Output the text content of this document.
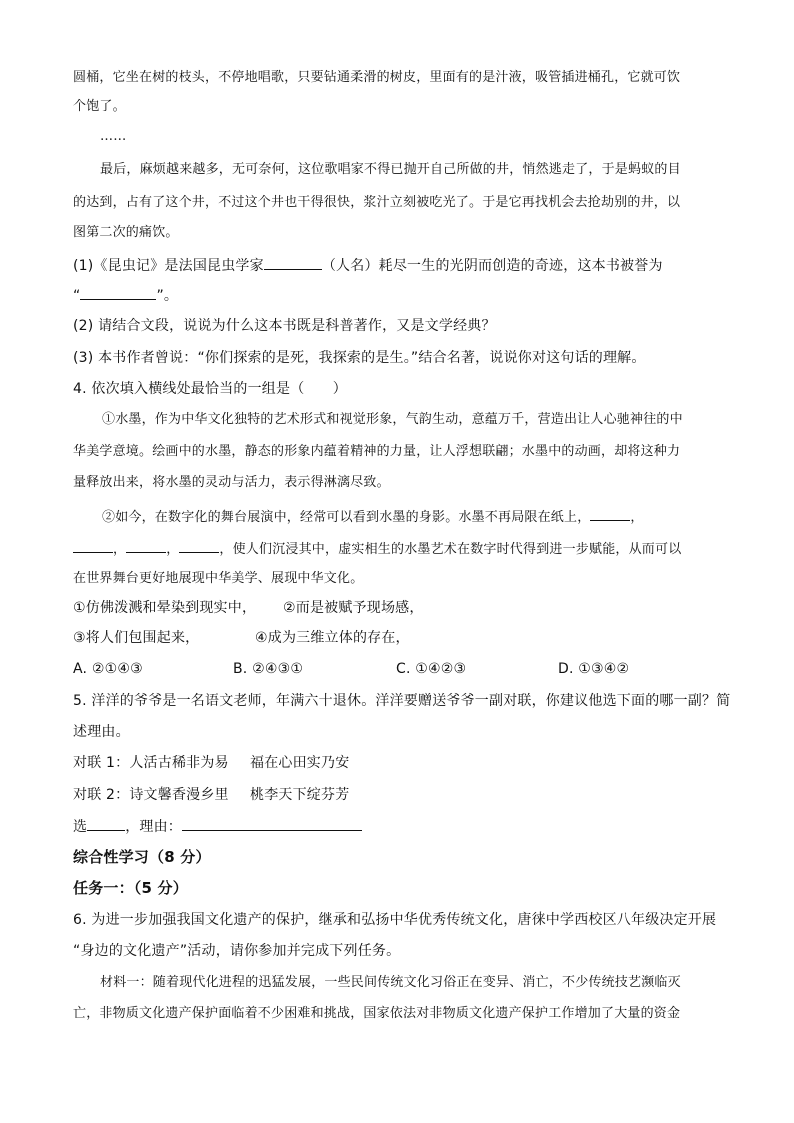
圆桶，它坐在树的枝头，不停地唱歌，只要钻通柔滑的树皮，里面有的是汁液，吸管插进桶孔，它就可饮
个饱了。
……
最后，麻烦越来越多，无可奈何，这位歌唱家不得已抛开自己所做的井，悄然逃走了，于是蚂蚁的目
的达到，占有了这个井，不过这个井也干得很快，浆汁立刻被吃光了。于是它再找机会去抢劫别的井，以
图第二次的痛饮。
(1)《昆虫记》是法国昆虫学家	（人名）耗尽一生的光阴而创造的奇迹，这本书被誉为
“	”。
(2) 请结合文段，说说为什么这本书既是科普著作，又是文学经典？
(3) 本书作者曾说：“你们探索的是死，我探索的是生。”结合名著，说说你对这句话的理解。
4. 依次填入横线处最恰当的一组是（　　）
①水墨，作为中华文化独特的艺术形式和视觉形象，气韵生动，意蕴万千，营造出让人心驰神往的中
华美学意境。绘画中的水墨，静态的形象内蕴着精神的力量，让人浮想联翩；水墨中的动画，却将这种力
量释放出来，将水墨的灵动与活力，表示得淋漓尽致。
②如今，在数字化的舞台展演中，经常可以看到水墨的身影。水墨不再局限在纸上，	，
，	，	，使人们沉浸其中，虚实相生的水墨艺术在数字时代得到进一步赋能，从而可以
在世界舞台更好地展现中华美学、展现中华文化。
①仿佛泼溅和晕染到现实中， ②而是被赋予现场感，
③将人们包围起来，	④成为三维立体的存在，
A. ②①④③	B. ②④③①	C. ①④②③	D. ①③④②
5. 洋洋的爷爷是一名语文老师，年满六十退休。洋洋要赠送爷爷一副对联，你建议他选下面的哪一副？简
述理由。
对联 1：人活古稀非为易 福在心田实乃安
对联 2：诗文馨香漫乡里 桃李天下绽芬芳
选	，理由：
综合性学习（8 分）
任务一：（5 分）
6. 为进一步加强我国文化遗产的保护，继承和弘扬中华优秀传统文化，唐徕中学西校区八年级决定开展
“身边的文化遗产”活动，请你参加并完成下列任务。
材料一：随着现代化进程的迅猛发展，一些民间传统文化习俗正在变异、消亡，不少传统技艺濒临灭
亡，非物质文化遗产保护面临着不少困难和挑战，国家依法对非物质文化遗产保护工作增加了大量的资金
